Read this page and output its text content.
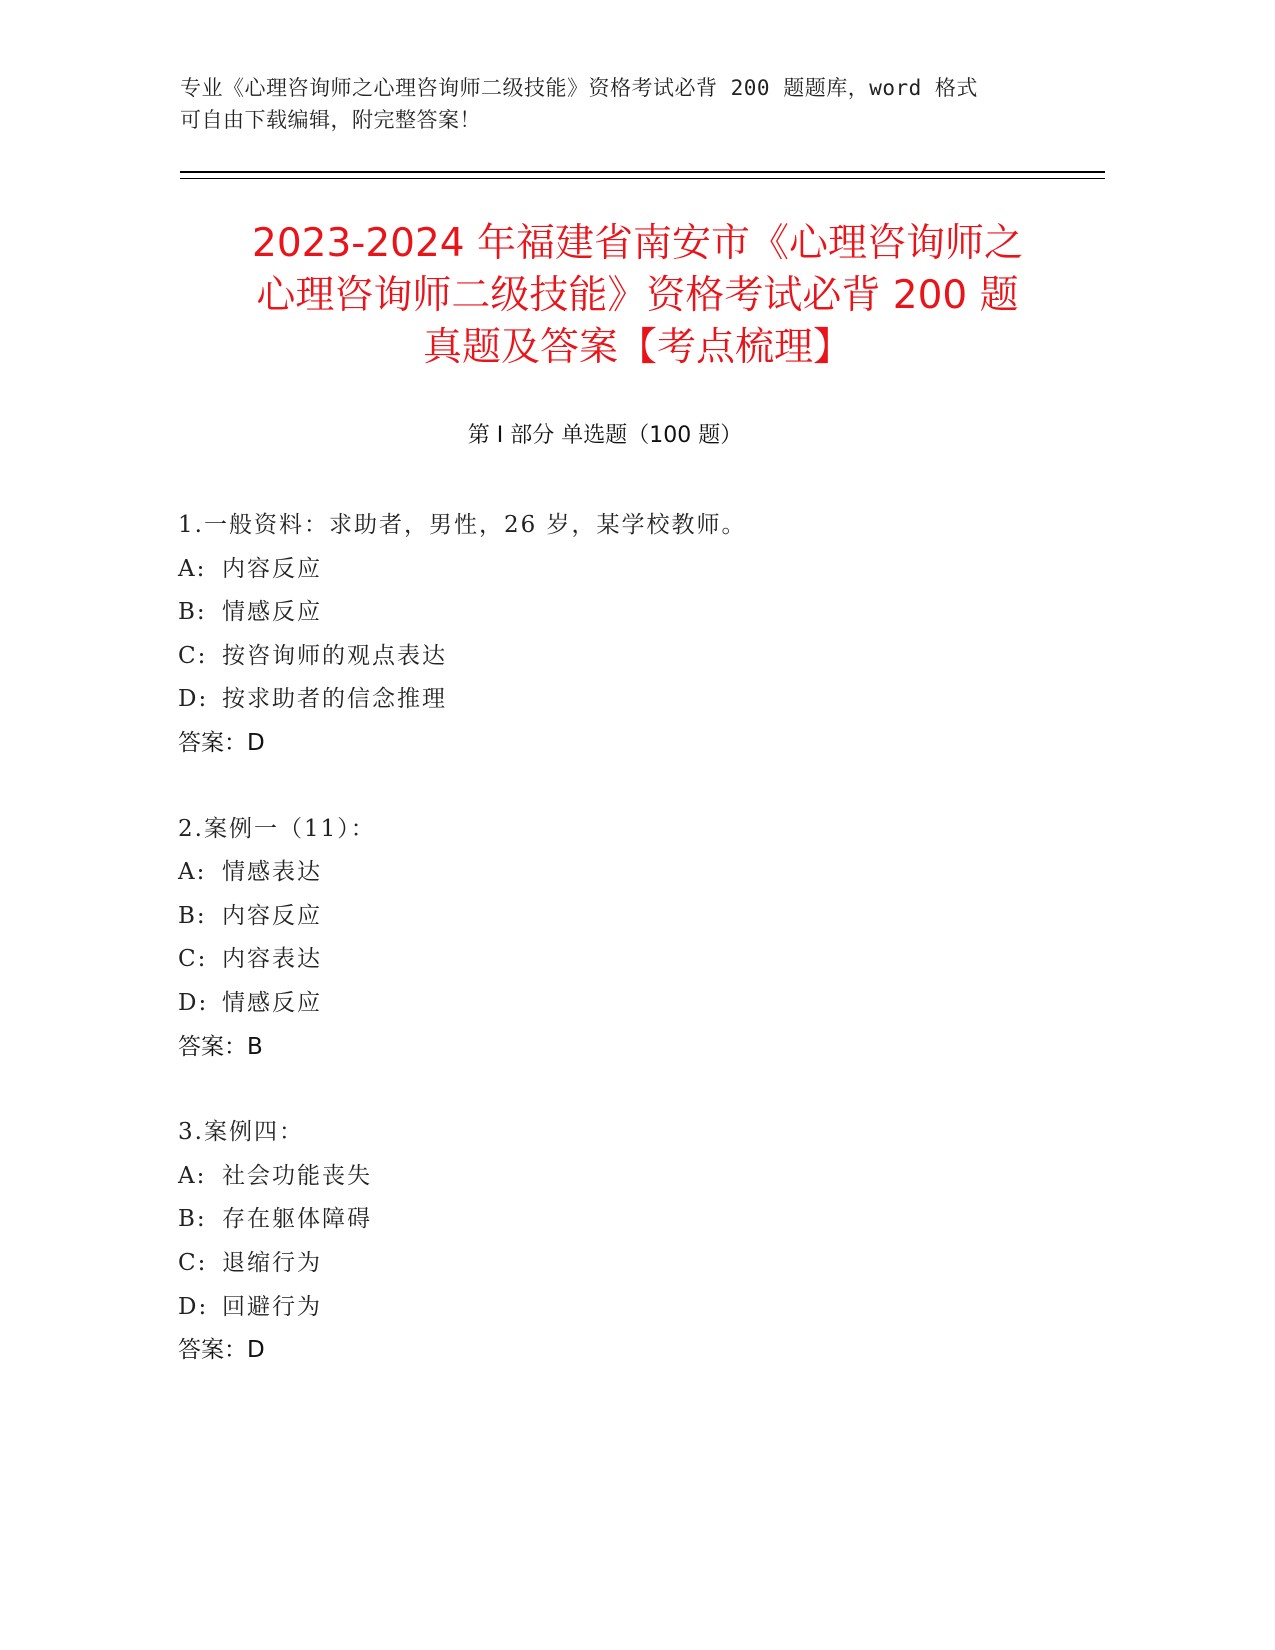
专业《心理咨询师之心理咨询师二级技能》资格考试必背 200 题题库，word 格式
可自由下载编辑，附完整答案！
2023-2024 年福建省南安市《心理咨询师之
心理咨询师二级技能》资格考试必背 200 题
真题及答案【考点梳理】
第 I 部分 单选题（100 题）
1.一般资料：求助者，男性，26 岁，某学校教师。
A: 内容反应
B: 情感反应
C: 按咨询师的观点表达
D: 按求助者的信念推理
答案：D
2.案例一（11）：
A: 情感表达
B: 内容反应
C: 内容表达
D: 情感反应
答案：B
3.案例四：
A: 社会功能丧失
B: 存在躯体障碍
C: 退缩行为
D: 回避行为
答案：D
